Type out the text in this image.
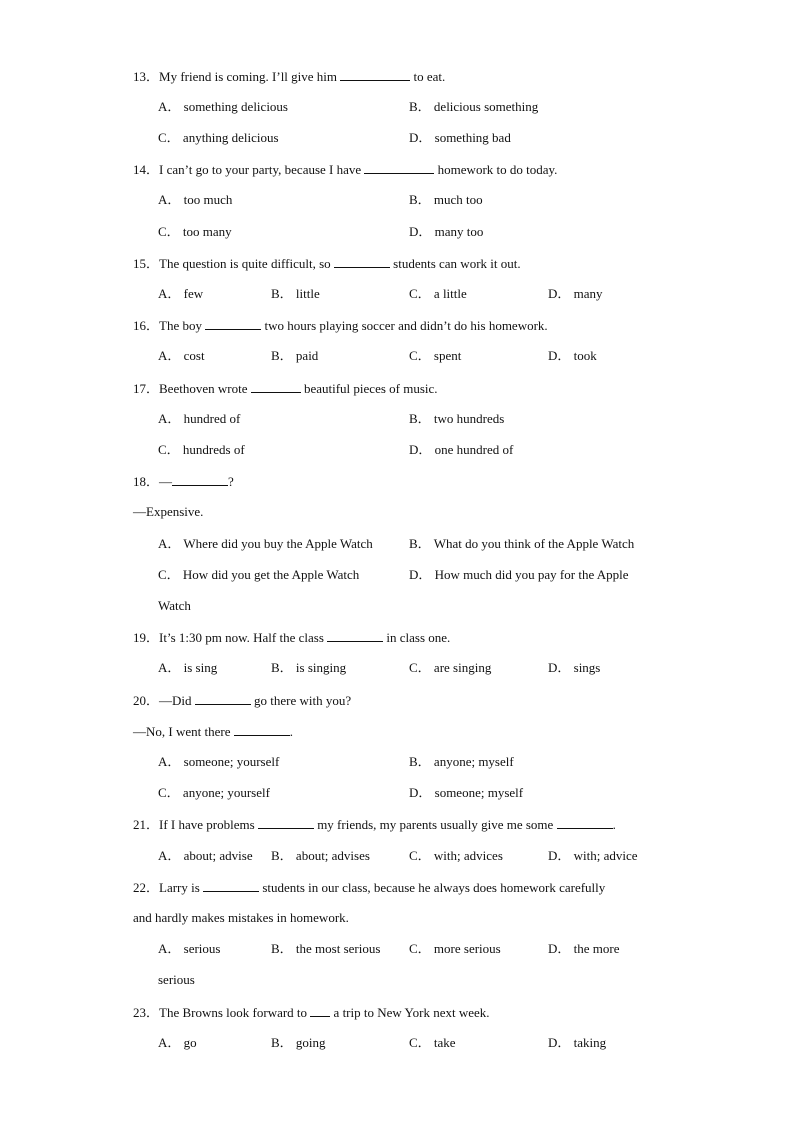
13．My friend is coming. I’ll give him	to eat.
A． something delicious	B． delicious something
C． anything delicious	D． something bad
14．I can’t go to your party, because I have	homework to do today.
A． too much	B． much too
C． too many	D． many too
15．The question is quite difficult, so	students can work it out.
A． few	B． little	C． a little	D． many
16．The boy	two hours playing soccer and didn’t do his homework.
A． cost	B． paid	C． spent	D． took
17．Beethoven wrote	beautiful pieces of music.
A． hundred of	B． two hundreds
C． hundreds of	D． one hundred of
18．—	?
—Expensive.
A． Where did you buy the Apple Watch	B． What do you think of the Apple Watch
C． How did you get the Apple Watch	D． How much did you pay for the Apple
Watch
19．It’s 1:30 pm now. Half the class	in class one.
A． is sing	B． is singing	C． are singing	D． sings
20．—Did	go there with you?
—No, I went there	.
A． someone; yourself	B． anyone; myself
C． anyone; yourself	D． someone; myself
21．If I have problems	my friends, my parents usually give me some	.
A． about; advise B． about; advises	C． with; advices	D． with; advice
22．Larry is	students in our class, because he always does homework carefully
and hardly makes mistakes in homework.
A． serious	B． the most serious C． more serious	D． the more
serious
23．The Browns look forward to  a trip to New York next week.
A． go	B． going	C． take	D． taking
